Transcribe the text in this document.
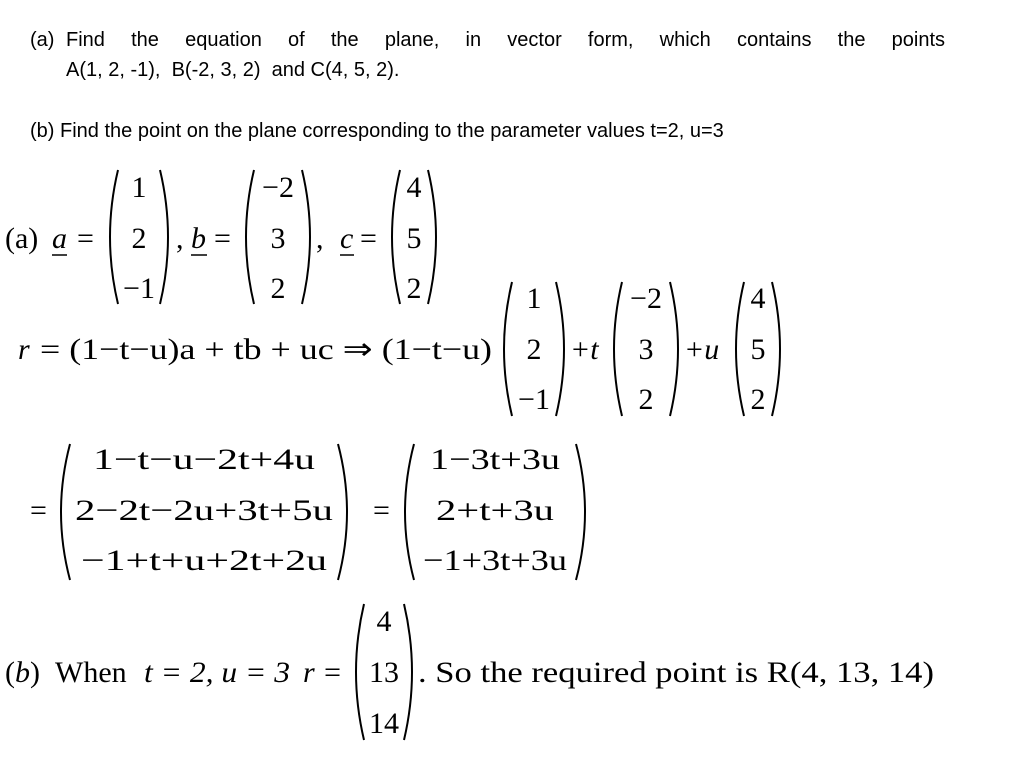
(a) Find the equation of the plane, in vector form, which contains the points
A(1, 2, -1),  B(-2, 3, 2)  and C(4, 5, 2).
(b) Find the point on the plane corresponding to the parameter values t=2, u=3
(a) a =
1
2
−1
, b =
−2
3
2
, c =
4
5
2
r = (1−t−u)a + tb + uc ⇒ (1−t−u)
1
2
−1
+t
−2
3
2
+u
4
5
2
=
1−t−u−2t+4u
2−2t−2u+3t+5u
−1+t+u+2t+2u
=
1−3t+3u
2+t+3u
−1+3t+3u
(b) When t = 2, u = 3 r =
4
13
14
. So the required point is R(4, 13, 14)
